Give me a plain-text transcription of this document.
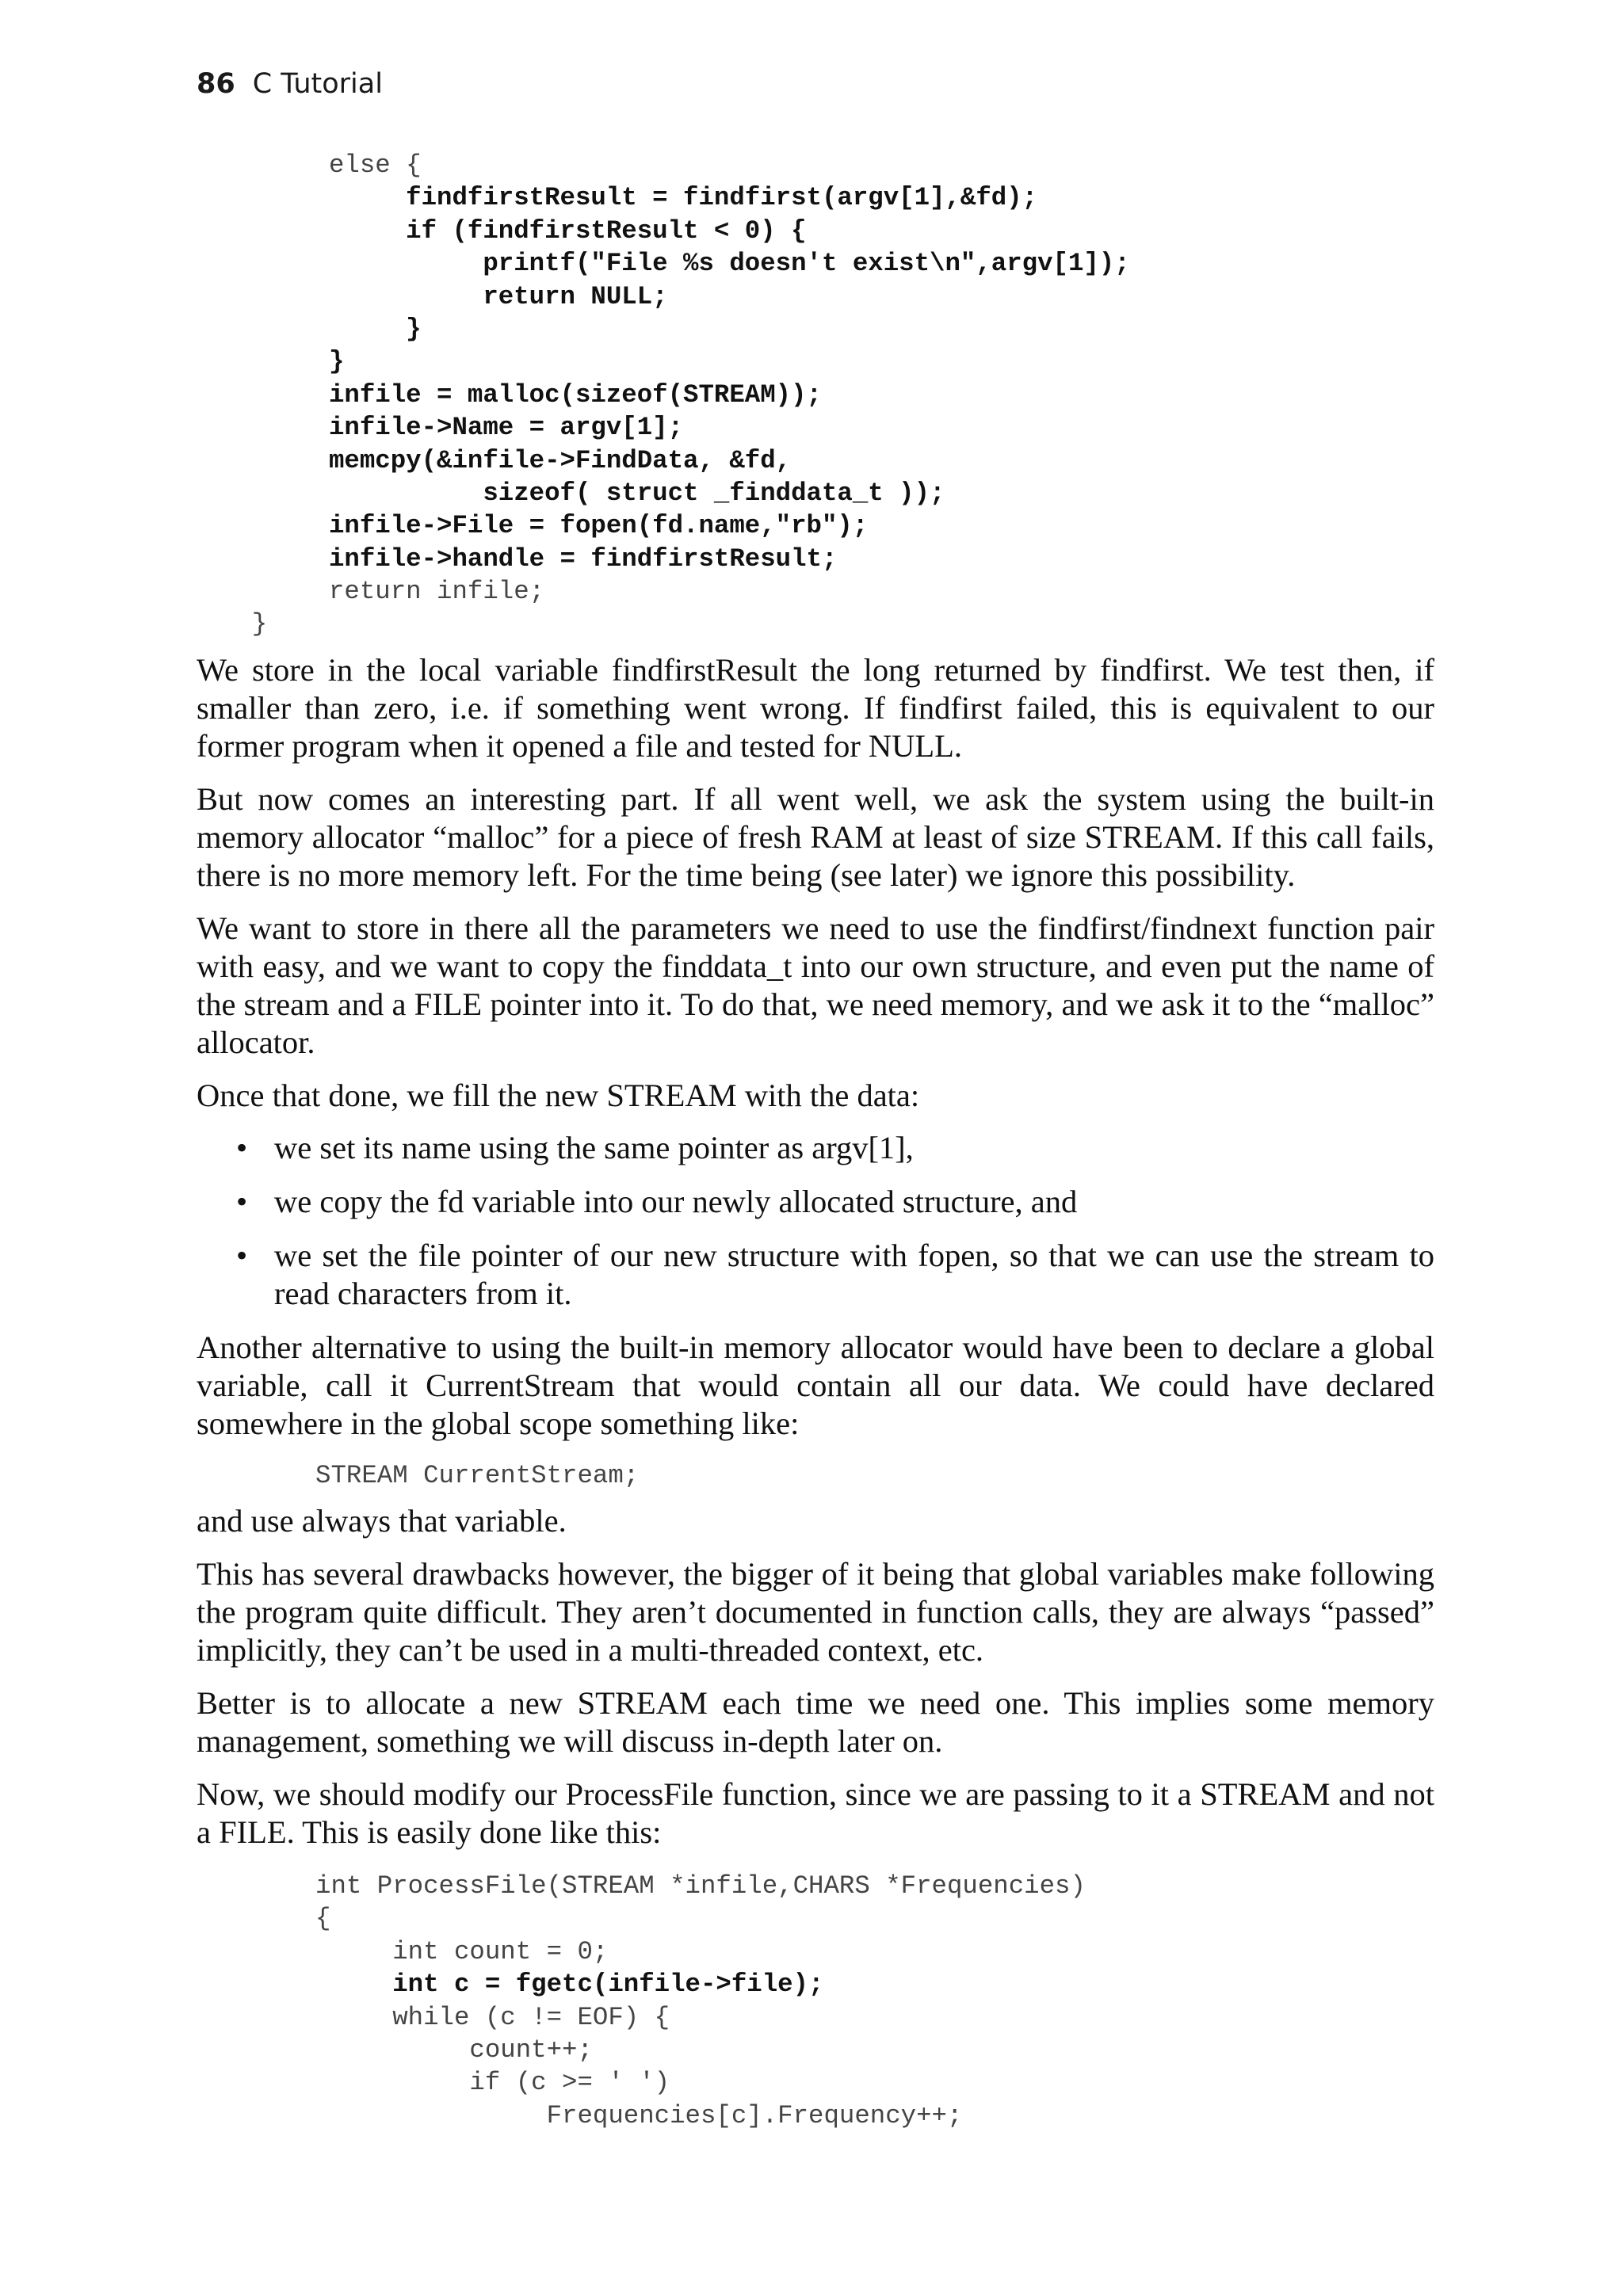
86 C Tutorial
else {
findfirstResult = findfirst(argv[1],&fd);
if (findfirstResult < 0) {
printf("File %s doesn't exist\n",argv[1]);
return NULL;
}
}
infile = malloc(sizeof(STREAM));
infile->Name = argv[1];
memcpy(&infile->FindData, &fd,
sizeof( struct _finddata_t ));
infile->File = fopen(fd.name,"rb");
infile->handle = findfirstResult;
return infile;
}

We store in the local variable findfirstResult the long returned by findfirst. We test then, if smaller than zero, i.e. if something went wrong. If findfirst failed, this is equivalent to our former program when it opened a file and tested for NULL.

But now comes an interesting part. If all went well, we ask the system using the built-in memory allocator “malloc” for a piece of fresh RAM at least of size STREAM. If this call fails, there is no more memory left. For the time being (see later) we ignore this possibility.

We want to store in there all the parameters we need to use the findfirst/findnext function pair with easy, and we want to copy the finddata_t into our own structure, and even put the name of the stream and a FILE pointer into it. To do that, we need memory, and we ask it to the “malloc” allocator.

Once that done, we fill the new STREAM with the data:

• we set its name using the same pointer as argv[1],
• we copy the fd variable into our newly allocated structure, and
• we set the file pointer of our new structure with fopen, so that we can use the stream to read characters from it.

Another alternative to using the built-in memory allocator would have been to declare a global variable, call it CurrentStream that would contain all our data. We could have declared somewhere in the global scope something like:

STREAM CurrentStream;

and use always that variable.

This has several drawbacks however, the bigger of it being that global variables make following the program quite difficult. They aren’t documented in function calls, they are always “passed” implicitly, they can’t be used in a multi-threaded context, etc.

Better is to allocate a new STREAM each time we need one. This implies some memory management, something we will discuss in-depth later on.

Now, we should modify our ProcessFile function, since we are passing to it a STREAM and not a FILE. This is easily done like this:

int ProcessFile(STREAM *infile,CHARS *Frequencies)
{
int count = 0;
int c = fgetc(infile->file);
while (c != EOF) {
count++;
if (c >= ' ')
Frequencies[c].Frequency++;
